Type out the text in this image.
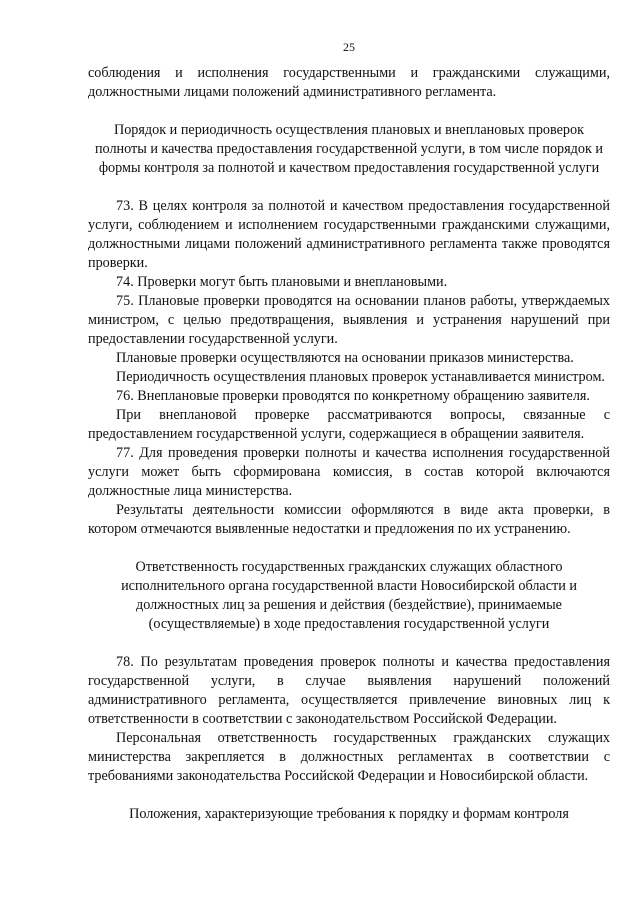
25

соблюдения и исполнения государственными и гражданскими служащими, должностными лицами положений административного регламента.

Порядок и периодичность осуществления плановых и внеплановых проверок полноты и качества предоставления государственной услуги, в том числе порядок и формы контроля за полнотой и качеством предоставления государственной услуги

73. В целях контроля за полнотой и качеством предоставления государственной услуги, соблюдением и исполнением государственными гражданскими служащими, должностными лицами положений административного регламента также проводятся проверки.

74. Проверки могут быть плановыми и внеплановыми.

75. Плановые проверки проводятся на основании планов работы, утверждаемых министром, с целью предотвращения, выявления и устранения нарушений при предоставлении государственной услуги.

Плановые проверки осуществляются на основании приказов министерства.

Периодичность осуществления плановых проверок устанавливается министром.

76. Внеплановые проверки проводятся по конкретному обращению заявителя.

При внеплановой проверке рассматриваются вопросы, связанные с предоставлением государственной услуги, содержащиеся в обращении заявителя.

77. Для проведения проверки полноты и качества исполнения государственной услуги может быть сформирована комиссия, в состав которой включаются должностные лица министерства.

Результаты деятельности комиссии оформляются в виде акта проверки, в котором отмечаются выявленные недостатки и предложения по их устранению.

Ответственность государственных гражданских служащих областного исполнительного органа государственной власти Новосибирской области и должностных лиц за решения и действия (бездействие), принимаемые (осуществляемые) в ходе предоставления государственной услуги

78. По результатам проведения проверок полноты и качества предоставления государственной услуги, в случае выявления нарушений положений административного регламента, осуществляется привлечение виновных лиц к ответственности в соответствии с законодательством Российской Федерации.

Персональная ответственность государственных гражданских служащих министерства закрепляется в должностных регламентах в соответствии с требованиями законодательства Российской Федерации и Новосибирской области.

Положения, характеризующие требования к порядку и формам контроля
